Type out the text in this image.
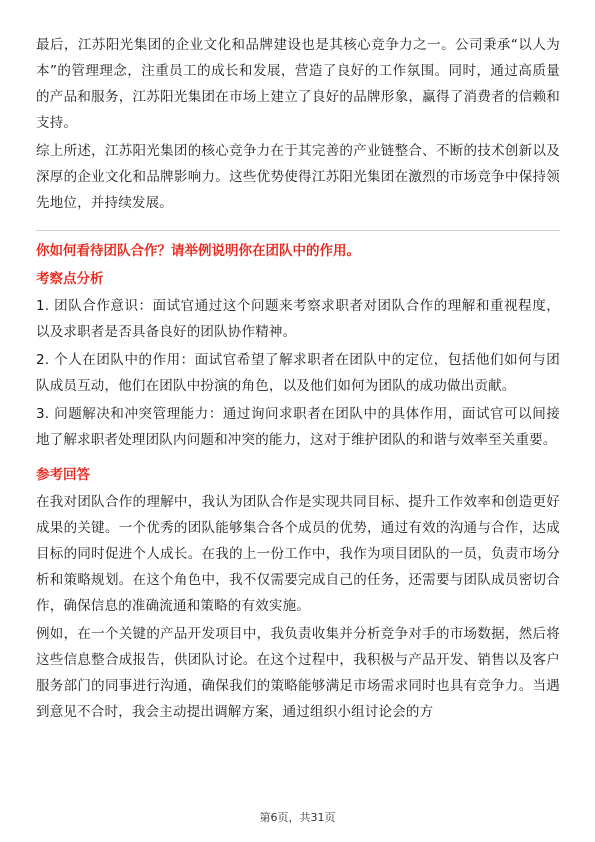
最后，江苏阳光集团的企业文化和品牌建设也是其核心竞争力之一。公司秉承“以人为本”的管理理念，注重员工的成长和发展，营造了良好的工作氛围。同时，通过高质量的产品和服务，江苏阳光集团在市场上建立了良好的品牌形象，赢得了消费者的信赖和支持。

综上所述，江苏阳光集团的核心竞争力在于其完善的产业链整合、不断的技术创新以及深厚的企业文化和品牌影响力。这些优势使得江苏阳光集团在激烈的市场竞争中保持领先地位，并持续发展。

你如何看待团队合作？请举例说明你在团队中的作用。

考察点分析

1. 团队合作意识：面试官通过这个问题来考察求职者对团队合作的理解和重视程度，以及求职者是否具备良好的团队协作精神。

2. 个人在团队中的作用：面试官希望了解求职者在团队中的定位，包括他们如何与团队成员互动，他们在团队中扮演的角色，以及他们如何为团队的成功做出贡献。

3. 问题解决和冲突管理能力：通过询问求职者在团队中的具体作用，面试官可以间接地了解求职者处理团队内问题和冲突的能力，这对于维护团队的和谐与效率至关重要。

参考回答

在我对团队合作的理解中，我认为团队合作是实现共同目标、提升工作效率和创造更好成果的关键。一个优秀的团队能够集合各个成员的优势，通过有效的沟通与合作，达成目标的同时促进个人成长。在我的上一份工作中，我作为项目团队的一员，负责市场分析和策略规划。在这个角色中，我不仅需要完成自己的任务，还需要与团队成员密切合作，确保信息的准确流通和策略的有效实施。

例如，在一个关键的产品开发项目中，我负责收集并分析竞争对手的市场数据，然后将这些信息整合成报告，供团队讨论。在这个过程中，我积极与产品开发、销售以及客户服务部门的同事进行沟通，确保我们的策略能够满足市场需求同时也具有竞争力。当遇到意见不合时，我会主动提出调解方案，通过组织小组讨论会的方

第6页，共31页
